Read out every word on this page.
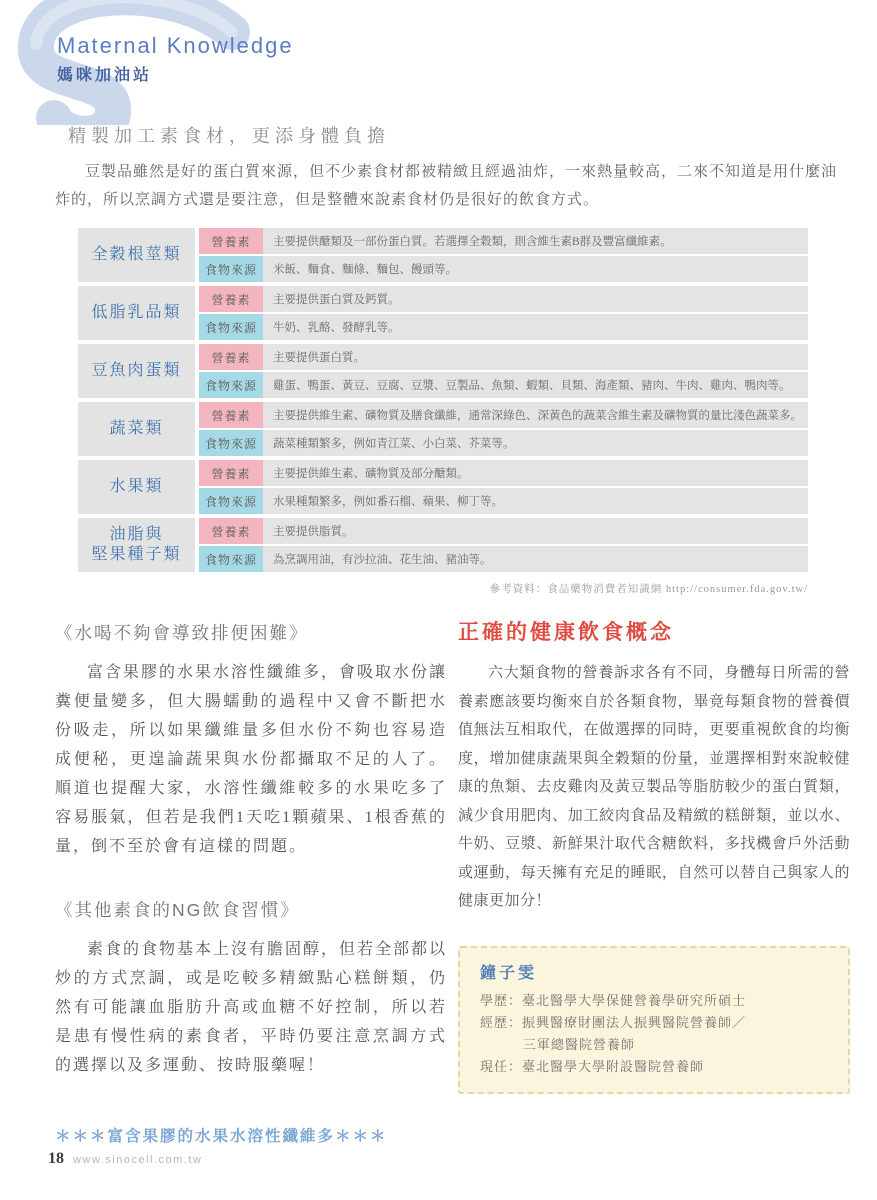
Maternal Knowledge
媽咪加油站
精製加工素食材，更添身體負擔
豆製品雖然是好的蛋白質來源，但不少素食材都被精緻且經過油炸，一來熱量較高，二來不知道是用什麼油炸的，所以烹調方式還是要注意，但是整體來說素食材仍是很好的飲食方式。
全穀根莖類
營養素	主要提供醣類及一部份蛋白質。若選擇全穀類，則含維生素B群及豐富纖維素。
食物來源	米飯、麵食、麵條、麵包、饅頭等。
低脂乳品類
營養素	主要提供蛋白質及鈣質。
食物來源	牛奶、乳酪、發酵乳等。
豆魚肉蛋類
營養素	主要提供蛋白質。
食物來源	雞蛋、鴨蛋、黃豆、豆腐、豆漿、豆製品、魚類、蝦類、貝類、海產類、豬肉、牛肉、雞肉、鴨肉等。
蔬菜類
營養素	主要提供維生素、礦物質及膳食纖維，通常深綠色、深黃色的蔬菜含維生素及礦物質的量比淺色蔬菜多。
食物來源	蔬菜種類繁多，例如青江菜、小白菜、芥菜等。
水果類
營養素	主要提供維生素、礦物質及部分醣類。
食物來源	水果種類繁多，例如番石榴、蘋果、柳丁等。
油脂與
堅果種子類
營養素	主要提供脂質。
食物來源	為烹調用油，有沙拉油、花生油、豬油等。
參考資料：食品藥物消費者知識網 http://consumer.fda.gov.tw/
《水喝不夠會導致排便困難》
富含果膠的水果水溶性纖維多，會吸取水份讓糞便量變多，但大腸蠕動的過程中又會不斷把水份吸走，所以如果纖維量多但水份不夠也容易造成便秘，更遑論蔬果與水份都攝取不足的人了。順道也提醒大家，水溶性纖維較多的水果吃多了容易脹氣，但若是我們1天吃1顆蘋果、1根香蕉的量，倒不至於會有這樣的問題。
《其他素食的NG飲食習慣》
素食的食物基本上沒有膽固醇，但若全部都以炒的方式烹調，或是吃較多精緻點心糕餅類，仍然有可能讓血脂肪升高或血糖不好控制，所以若是患有慢性病的素食者，平時仍要注意烹調方式的選擇以及多運動、按時服藥喔！
＊＊＊富含果膠的水果水溶性纖維多＊＊＊
正確的健康飲食概念
六大類食物的營養訴求各有不同，身體每日所需的營養素應該要均衡來自於各類食物，畢竟每類食物的營養價值無法互相取代，在做選擇的同時，更要重視飲食的均衡度，增加健康蔬果與全穀類的份量，並選擇相對來說較健康的魚類、去皮雞肉及黃豆製品等脂肪較少的蛋白質類，減少食用肥肉、加工絞肉食品及精緻的糕餅類，並以水、牛奶、豆漿、新鮮果汁取代含糖飲料，多找機會戶外活動或運動，每天擁有充足的睡眠，自然可以替自己與家人的健康更加分！
鐘子雯
學歷：臺北醫學大學保健營養學研究所碩士
經歷：振興醫療財團法人振興醫院營養師／
三軍總醫院營養師
現任：臺北醫學大學附設醫院營養師
18 www.sinocell.com.tw
